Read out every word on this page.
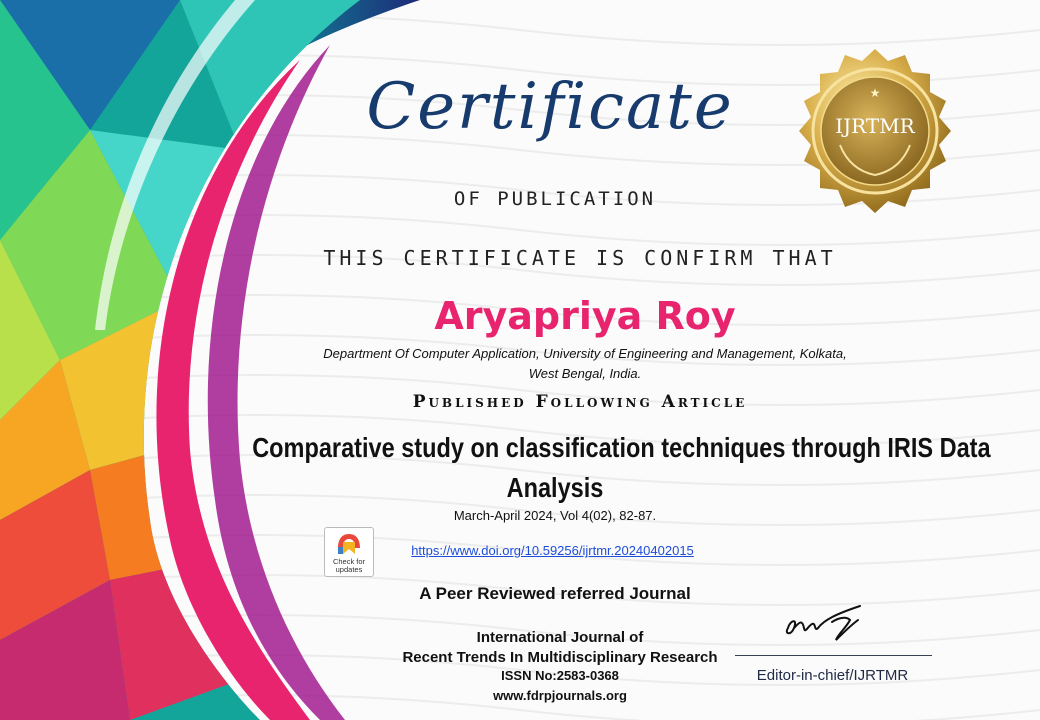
★
IJRTMR
Certificate
OF PUBLICATION
THIS CERTIFICATE IS CONFIRM THAT
Aryapriya Roy
Department Of Computer Application, University of Engineering and Management, Kolkata,
West Bengal, India.
Published Following Article
Comparative study on classification techniques through IRIS Data
Analysis
March-April 2024, Vol 4(02), 82-87.
Check for updates
https://www.doi.org/10.59256/ijrtmr.20240402015
A Peer Reviewed referred Journal
International Journal of
Recent Trends In Multidisciplinary Research
ISSN No:2583-0368
www.fdrpjournals.org
Editor-in-chief/IJRTMR
